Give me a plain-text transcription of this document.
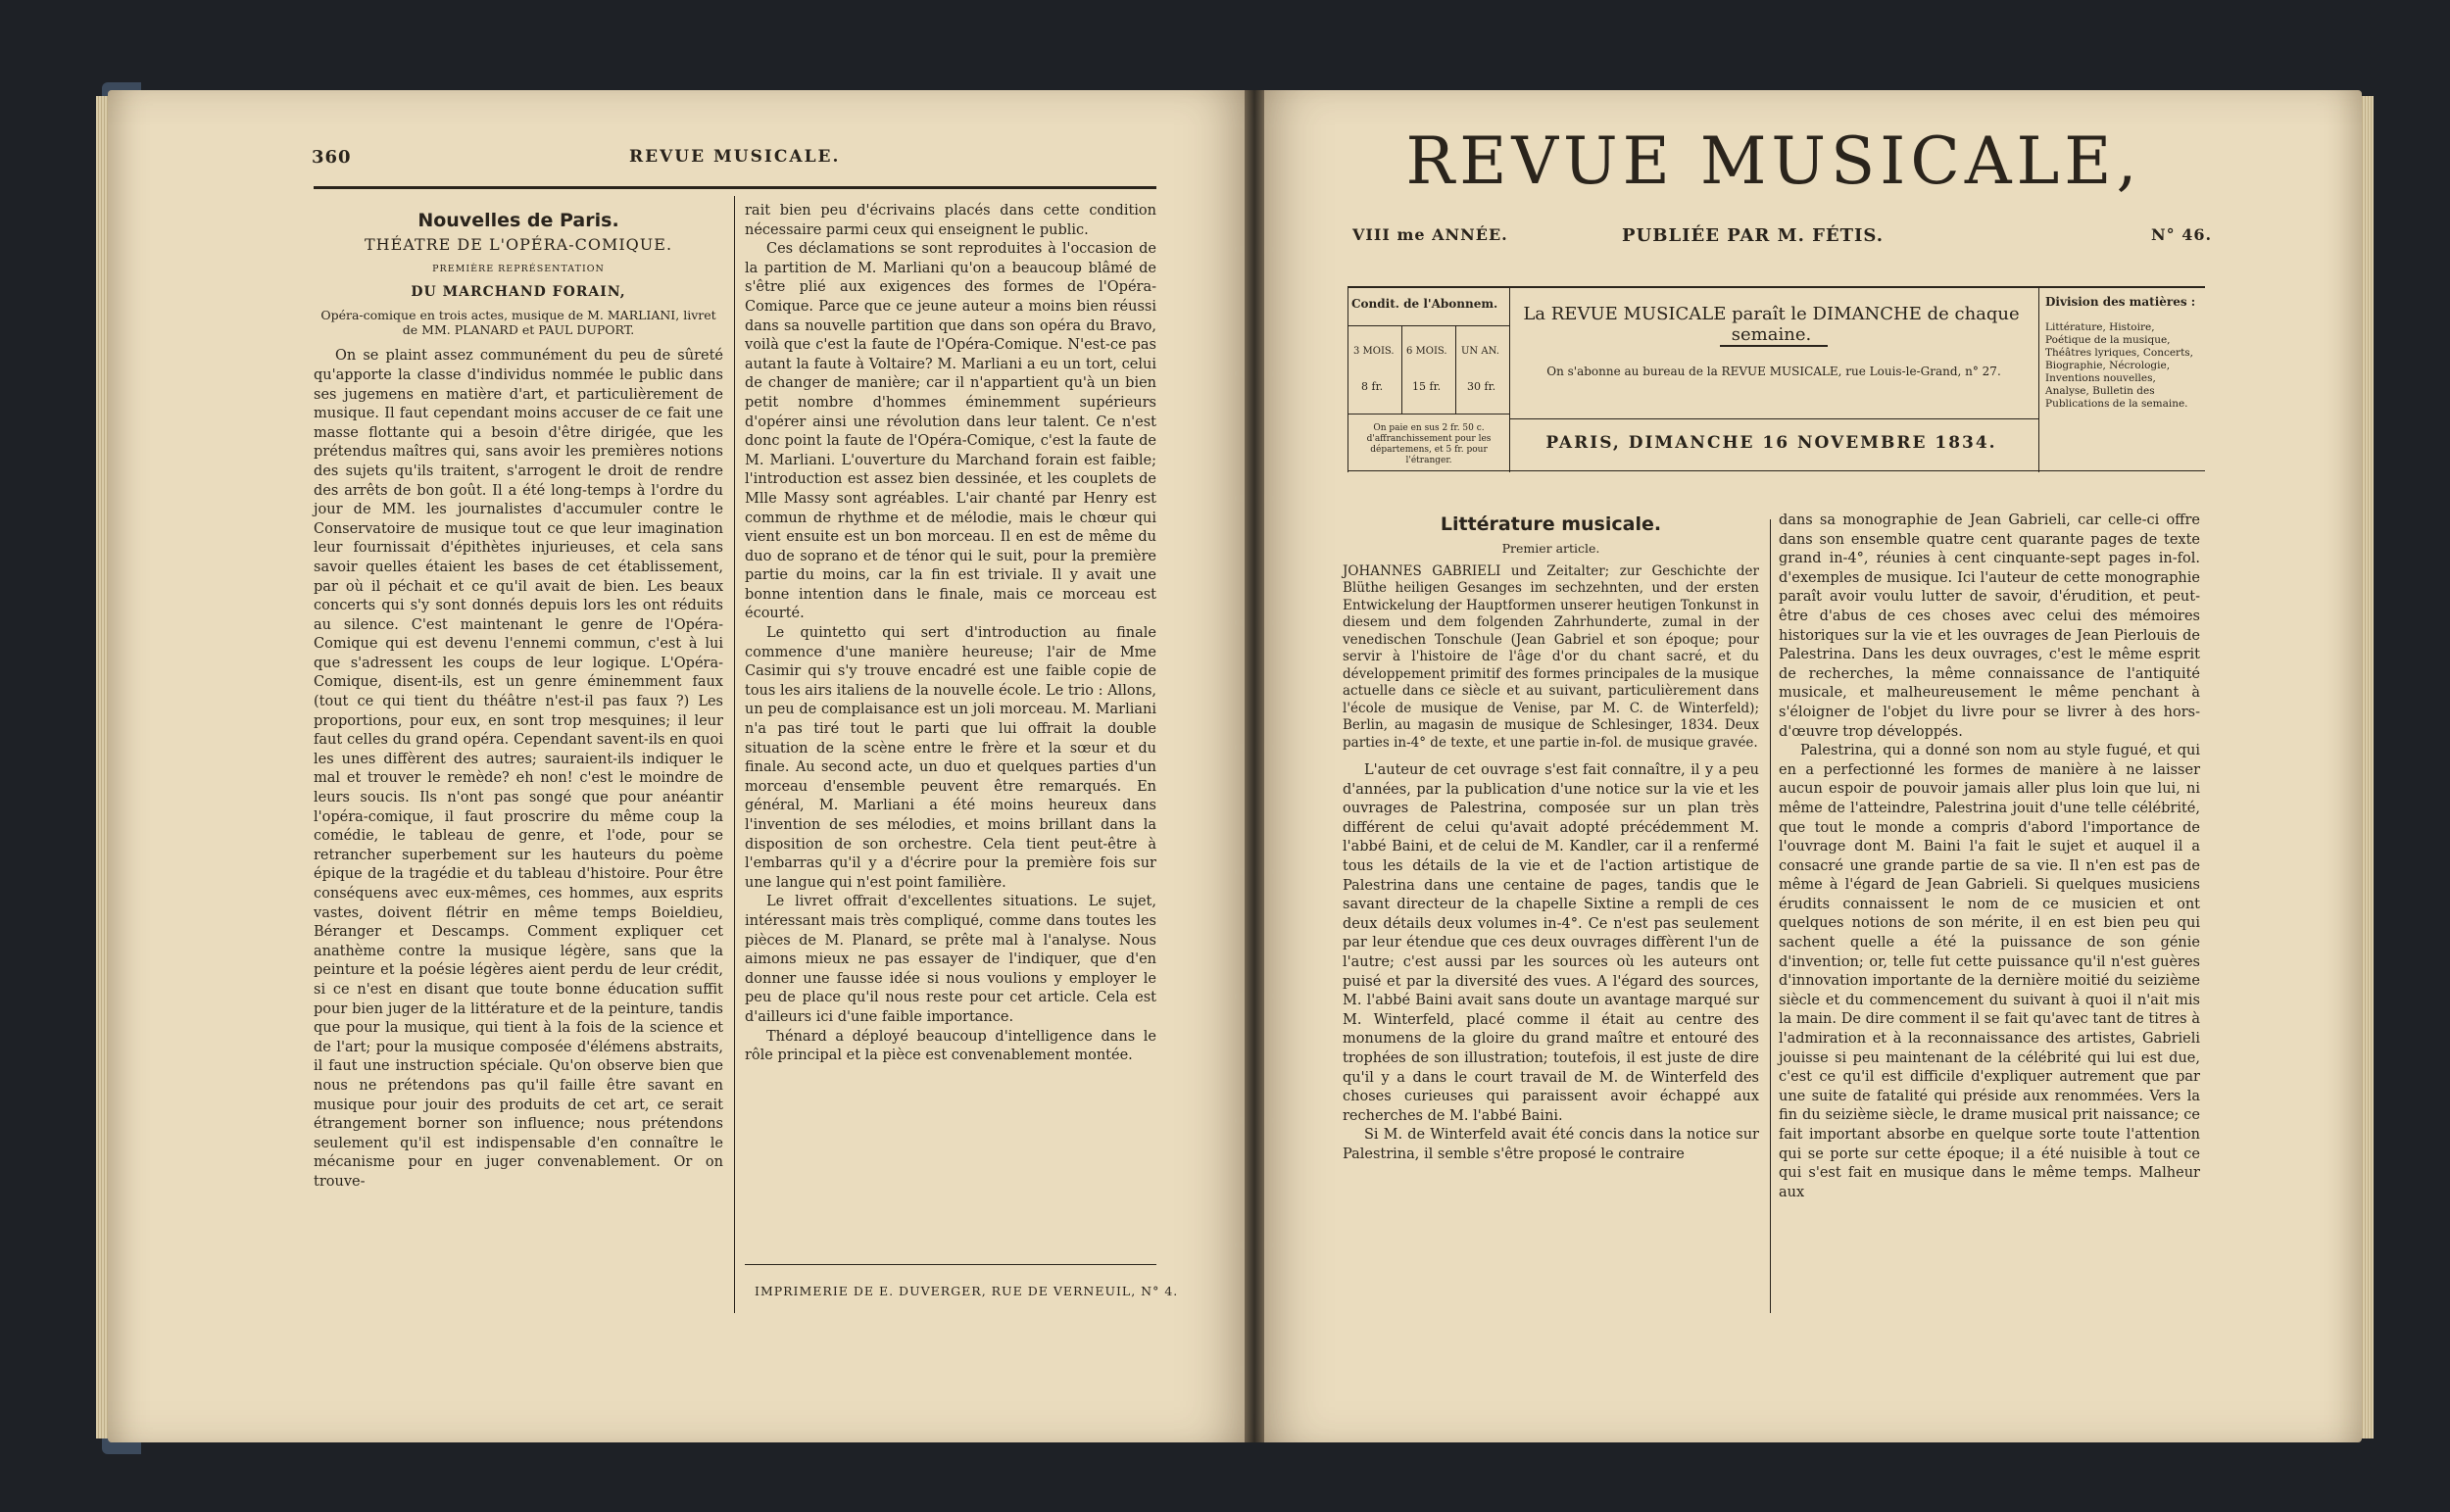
360	REVUE MUSICALE.
Nouvelles de Paris.
THÉATRE DE L'OPÉRA-COMIQUE.
PREMIÈRE REPRÉSENTATION
DU MARCHAND FORAIN,
Opéra-comique en trois actes, musique de M. MARLIANI, livret de MM. PLANARD et PAUL DUPORT.

On se plaint assez communément du peu de sûreté qu'apporte la classe d'individus nommée le public dans ses jugemens en matière d'art, et particulièrement de musique. Il faut cependant moins accuser de ce fait une masse flottante qui a besoin d'être dirigée, que les prétendus maîtres qui, sans avoir les premières notions des sujets qu'ils traitent, s'arrogent le droit de rendre des arrêts de bon goût. Il a été long-temps à l'ordre du jour de MM. les journalistes d'accumuler contre le Conservatoire de musique tout ce que leur imagination leur fournissait d'épithètes injurieuses, et cela sans savoir quelles étaient les bases de cet établissement, par où il péchait et ce qu'il avait de bien. Les beaux concerts qui s'y sont donnés depuis lors les ont réduits au silence. C'est maintenant le genre de l'Opéra-Comique qui est devenu l'ennemi commun, c'est à lui que s'adressent les coups de leur logique. L'Opéra-Comique, disent-ils, est un genre éminemment faux (tout ce qui tient du théâtre n'est-il pas faux ?) Les proportions, pour eux, en sont trop mesquines; il leur faut celles du grand opéra. Cependant savent-ils en quoi les unes diffèrent des autres; sauraient-ils indiquer le mal et trouver le remède? eh non! c'est le moindre de leurs soucis. Ils n'ont pas songé que pour anéantir l'opéra-comique, il faut proscrire du même coup la comédie, le tableau de genre, et l'ode, pour se retrancher superbement sur les hauteurs du poème épique de la tragédie et du tableau d'histoire. Pour être conséquens avec eux-mêmes, ces hommes, aux esprits vastes, doivent flétrir en même temps Boieldieu, Béranger et Descamps. Comment expliquer cet anathème contre la musique légère, sans que la peinture et la poésie légères aient perdu de leur crédit, si ce n'est en disant que toute bonne éducation suffit pour bien juger de la littérature et de la peinture, tandis que pour la musique, qui tient à la fois de la science et de l'art; pour la musique composée d'élémens abstraits, il faut une instruction spéciale. Qu'on observe bien que nous ne prétendons pas qu'il faille être savant en musique pour jouir des produits de cet art, ce serait étrangement borner son influence; nous prétendons seulement qu'il est indispensable d'en connaître le mécanisme pour en juger convenablement. Or on trouve-

rait bien peu d'écrivains placés dans cette condition nécessaire parmi ceux qui enseignent le public.

Ces déclamations se sont reproduites à l'occasion de la partition de M. Marliani qu'on a beaucoup blâmé de s'être plié aux exigences des formes de l'Opéra-Comique. Parce que ce jeune auteur a moins bien réussi dans sa nouvelle partition que dans son opéra du Bravo, voilà que c'est la faute de l'Opéra-Comique. N'est-ce pas autant la faute à Voltaire? M. Marliani a eu un tort, celui de changer de manière; car il n'appartient qu'à un bien petit nombre d'hommes éminemment supérieurs d'opérer ainsi une révolution dans leur talent. Ce n'est donc point la faute de l'Opéra-Comique, c'est la faute de M. Marliani. L'ouverture du Marchand forain est faible; l'introduction est assez bien dessinée, et les couplets de Mlle Massy sont agréables. L'air chanté par Henry est commun de rhythme et de mélodie, mais le chœur qui vient ensuite est un bon morceau. Il en est de même du duo de soprano et de ténor qui le suit, pour la première partie du moins, car la fin est triviale. Il y avait une bonne intention dans le finale, mais ce morceau est écourté.

Le quintetto qui sert d'introduction au finale commence d'une manière heureuse; l'air de Mme Casimir qui s'y trouve encadré est une faible copie de tous les airs italiens de la nouvelle école. Le trio : Allons, un peu de complaisance est un joli morceau. M. Marliani n'a pas tiré tout le parti que lui offrait la double situation de la scène entre le frère et la sœur et du finale. Au second acte, un duo et quelques parties d'un morceau d'ensemble peuvent être remarqués. En général, M. Marliani a été moins heureux dans l'invention de ses mélodies, et moins brillant dans la disposition de son orchestre. Cela tient peut-être à l'embarras qu'il y a d'écrire pour la première fois sur une langue qui n'est point familière.

Le livret offrait d'excellentes situations. Le sujet, intéressant mais très compliqué, comme dans toutes les pièces de M. Planard, se prête mal à l'analyse. Nous aimons mieux ne pas essayer de l'indiquer, que d'en donner une fausse idée si nous voulions y employer le peu de place qu'il nous reste pour cet article. Cela est d'ailleurs ici d'une faible importance.

Thénard a déployé beaucoup d'intelligence dans le rôle principal et la pièce est convenablement montée.

IMPRIMERIE DE E. DUVERGER, RUE DE VERNEUIL, N° 4.
REVUE MUSICALE,
VIII me ANNÉE.	PUBLIÉE PAR M. FÉTIS.	N° 46.
Condit. de l'Abonnem.
3 MOIS. 6 MOIS. UN AN.
8 fr.	15 fr. 30 fr.
On paie en sus 2 fr. 50 c. d'affranchissement pour les départemens, et 5 fr. pour l'étranger.
La REVUE MUSICALE paraît le DIMANCHE de chaque semaine.
On s'abonne au bureau de la REVUE MUSICALE, rue Louis-le-Grand, n° 27.
PARIS, DIMANCHE 16 NOVEMBRE 1834.
Division des matières :
Littérature, Histoire, Poétique de la musique, Théâtres lyriques, Concerts, Biographie, Nécrologie, Inventions nouvelles, Analyse, Bulletin des Publications de la semaine.
Littérature musicale.
Premier article.

JOHANNES GABRIELI und Zeitalter; zur Geschichte der Blüthe heiligen Gesanges im sechzehnten, und der ersten Entwickelung der Hauptformen unserer heutigen Tonkunst in diesem und dem folgenden Zahrhunderte, zumal in der venedischen Tonschule (Jean Gabriel et son époque; pour servir à l'histoire de l'âge d'or du chant sacré, et du développement primitif des formes principales de la musique actuelle dans ce siècle et au suivant, particulièrement dans l'école de musique de Venise, par M. C. de Winterfeld); Berlin, au magasin de musique de Schlesinger, 1834. Deux parties in-4° de texte, et une partie in-fol. de musique gravée.

L'auteur de cet ouvrage s'est fait connaître, il y a peu d'années, par la publication d'une notice sur la vie et les ouvrages de Palestrina, composée sur un plan très différent de celui qu'avait adopté précédemment M. l'abbé Baini, et de celui de M. Kandler, car il a renfermé tous les détails de la vie et de l'action artistique de Palestrina dans une centaine de pages, tandis que le savant directeur de la chapelle Sixtine a rempli de ces deux détails deux volumes in-4°. Ce n'est pas seulement par leur étendue que ces deux ouvrages diffèrent l'un de l'autre; c'est aussi par les sources où les auteurs ont puisé et par la diversité des vues. A l'égard des sources, M. l'abbé Baini avait sans doute un avantage marqué sur M. Winterfeld, placé comme il était au centre des monumens de la gloire du grand maître et entouré des trophées de son illustration; toutefois, il est juste de dire qu'il y a dans le court travail de M. de Winterfeld des choses curieuses qui paraissent avoir échappé aux recherches de M. l'abbé Baini.

Si M. de Winterfeld avait été concis dans la notice sur Palestrina, il semble s'être proposé le contraire

dans sa monographie de Jean Gabrieli, car celle-ci offre dans son ensemble quatre cent quarante pages de texte grand in-4°, réunies à cent cinquante-sept pages in-fol. d'exemples de musique. Ici l'auteur de cette monographie paraît avoir voulu lutter de savoir, d'érudition, et peut-être d'abus de ces choses avec celui des mémoires historiques sur la vie et les ouvrages de Jean Pierlouis de Palestrina. Dans les deux ouvrages, c'est le même esprit de recherches, la même connaissance de l'antiquité musicale, et malheureusement le même penchant à s'éloigner de l'objet du livre pour se livrer à des hors-d'œuvre trop développés.

Palestrina, qui a donné son nom au style fugué, et qui en a perfectionné les formes de manière à ne laisser aucun espoir de pouvoir jamais aller plus loin que lui, ni même de l'atteindre, Palestrina jouit d'une telle célébrité, que tout le monde a compris d'abord l'importance de l'ouvrage dont M. Baini l'a fait le sujet et auquel il a consacré une grande partie de sa vie. Il n'en est pas de même à l'égard de Jean Gabrieli. Si quelques musiciens érudits connaissent le nom de ce musicien et ont quelques notions de son mérite, il en est bien peu qui sachent quelle a été la puissance de son génie d'invention; or, telle fut cette puissance qu'il n'est guères d'innovation importante de la dernière moitié du seizième siècle et du commencement du suivant à quoi il n'ait mis la main. De dire comment il se fait qu'avec tant de titres à l'admiration et à la reconnaissance des artistes, Gabrieli jouisse si peu maintenant de la célébrité qui lui est due, c'est ce qu'il est difficile d'expliquer autrement que par une suite de fatalité qui préside aux renommées. Vers la fin du seizième siècle, le drame musical prit naissance; ce fait important absorbe en quelque sorte toute l'attention qui se porte sur cette époque; il a été nuisible à tout ce qui s'est fait en musique dans le même temps. Malheur aux
